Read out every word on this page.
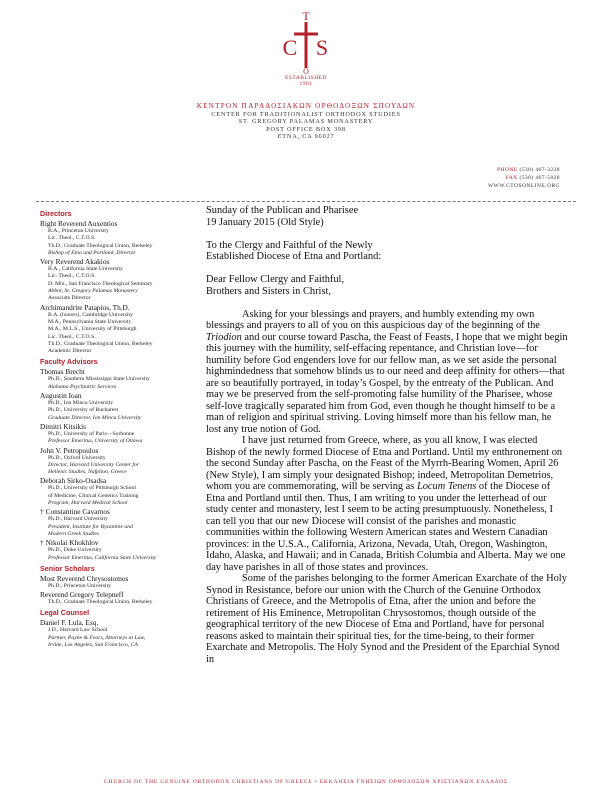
T
C S
O
ESTABLISHED
1981
ΚΕΝΤΡΟΝ ΠΑΡΑΔΟΣΙΑΚΩΝ ΟΡΘΟΔΟΞΩΝ ΣΠΟΥΔΩΝ
CENTER FOR TRADITIONALIST ORTHODOX STUDIES
ST. GREGORY PALAMAS MONASTERY
POST OFFICE BOX 398
ETNA, CA 96027
PHONE (530) 467-3228
FAX (530) 467-5828
WWW.CTOSONLINE.ORG
Directors
Right Reverend Auxentios
B.A., Princeton University
Lic. Theol., C.T.O.S.
Th.D., Graduate Theological Union, Berkeley
Bishop of Etna and Portland, Director
Very Reverend Akakios
B.A., California State University
Lic. Theol., C.T.O.S.
D. Min., San Francisco Theological Seminary
Abbot, St. Gregory Palamas Monastery
Associate Director
Archimandrite Patapios, Th.D.
B.A. (honors), Cambridge University
M.A., Pennsylvania State University
M.A., M.L.S., University of Pittsburgh
Lic. Theol., C.T.O.S.
Th.D., Graduate Theological Union, Berkeley
Academic Director
Faculty Advisors
Thomas Brecht
Ph.D., Southern Mississippi State University
Alabama Psychiatric Services
Augustin Ioan
Ph.D., Ion Mincu University
Ph.D., University of Bucharest
Graduate Director, Ion Mincu University
Dimitri Kitsikis
Ph.D., University of Paris—Sorbonne
Professor Emeritus, University of Ottawa
John V. Petropoulos
Ph.D., Oxford University
Director, Harvard University Center for
Hellenic Studies, Nafplion, Greece
Deborah Sirko-Osadsa
Ph.D., University of Pittsburgh School
of Medicine, Clinical Genetics Training
Program, Harvard Medical School
† Constantine Cavarnos
Ph.D., Harvard University
President, Institute for Byzantine and
Modern Greek Studies
† Nikolai Khokhlov
Ph.D., Duke University
Professor Emeritus, California State University
Senior Scholars
Most Reverend Chrysostomos
Ph.D., Princeton University
Reverend Gregory Telepneff
Th.D., Graduate Theological Union, Berkeley
Legal Counsel
Daniel F. Lula, Esq.
J.D., Harvard Law School
Partner, Payne & Fears, Attorneys at Law,
Irvine, Los Angeles, San Francisco, CA

Sunday of the Publican and Pharisee

19 January 2015 (Old Style)

To the Clergy and Faithful of the Newly

Established Diocese of Etna and Portland:

Dear Fellow Clergy and Faithful,

Brothers and Sisters in Christ,

Asking for your blessings and prayers, and humbly extending my own blessings and prayers to all of you on this auspicious day of the beginning of the Triodion and our course toward Pascha, the Feast of Feasts, I hope that we might begin this journey with the humility, self-effacing repentance, and Christian love—for humility before God engenders love for our fellow man, as we set aside the personal highmindedness that somehow blinds us to our need and deep affinity for others—that are so beautifully portrayed, in today’s Gospel, by the entreaty of the Publican. And may we be preserved from the self-promoting false humility of the Pharisee, whose self-love tragically separated him from God, even though he thought himself to be a man of religion and spiritual striving. Loving himself more than his fellow man, he lost any true notion of God.

I have just returned from Greece, where, as you all know, I was elected Bishop of the newly formed Diocese of Etna and Portland. Until my enthronement on the second Sunday after Pascha, on the Feast of the Myrrh-Bearing Women, April 26 (New Style), I am simply your designated Bishop; indeed, Metropolitan Demetrios, whom you are commemorating, will be serving as Locum Tenens of the Diocese of Etna and Portland until then. Thus, I am writing to you under the letterhead of our study center and monastery, lest I seem to be acting presumptuously. Nonetheless, I can tell you that our new Diocese will consist of the parishes and monastic communities within the following Western American states and Western Canadian provinces: in the U.S.A., California, Arizona, Nevada, Utah, Oregon, Washington, Idaho, Alaska, and Hawaii; and in Canada, British Columbia and Alberta. May we one day have parishes in all of those states and provinces.

Some of the parishes belonging to the former American Exarchate of the Holy Synod in Resistance, before our union with the Church of the Genuine Orthodox Christians of Greece, and the Metropolis of Etna, after the union and before the retirement of His Eminence, Metropolitan Chrysostomos, though outside of the geographical territory of the new Diocese of Etna and Portland, have for personal reasons asked to maintain their spiritual ties, for the time-being, to their former Exarchate and Metropolis. The Holy Synod and the President of the Eparchial Synod in

CHURCH OF THE GENUINE ORTHODOX CHRISTIANS OF GREECE • ΕΚΚΛΗΣΙΑ ΓΝΗΣΙΩΝ ΟΡΘΟΔΟΞΩΝ ΧΡΙΣΤΙΑΝΩΝ ΕΛΛΑΔΟΣ
